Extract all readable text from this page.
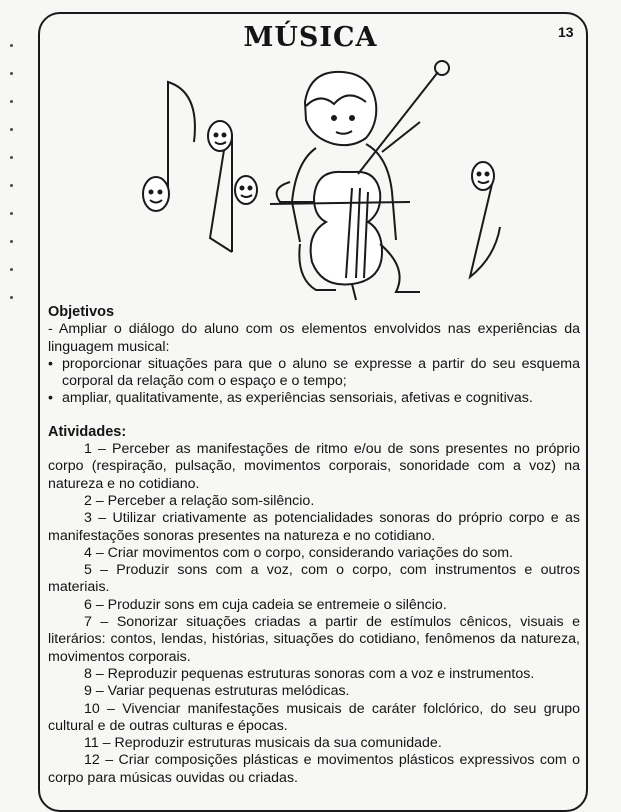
MÚSICA	13

Objetivos

- Ampliar o diálogo do aluno com os elementos envolvidos nas experiências da linguagem musical:

• proporcionar situações para que o aluno se expresse a partir do seu esquema corporal da relação com o espaço e o tempo;
• ampliar, qualitativamente, as experiências sensoriais, afetivas e cognitivas.

Atividades:

1 – Perceber as manifestações de ritmo e/ou de sons presentes no próprio corpo (respiração, pulsação, movimentos corporais, sonoridade com a voz) na natureza e no cotidiano.
2 – Perceber a relação som-silêncio.
3 – Utilizar criativamente as potencialidades sonoras do próprio corpo e as manifestações sonoras presentes na natureza e no cotidiano.
4 – Criar movimentos com o corpo, considerando variações do som.
5 – Produzir sons com a voz, com o corpo, com instrumentos e outros materiais.
6 – Produzir sons em cuja cadeia se entremeie o silêncio.
7 – Sonorizar situações criadas a partir de estímulos cênicos, visuais e literários: contos, lendas, histórias, situações do cotidiano, fenômenos da natureza, movimentos corporais.
8 – Reproduzir pequenas estruturas sonoras com a voz e instrumentos.
9 – Variar pequenas estruturas melódicas.
10 – Vivenciar manifestações musicais de caráter folclórico, do seu grupo cultural e de outras culturas e épocas.
11 – Reproduzir estruturas musicais da sua comunidade.
12 – Criar composições plásticas e movimentos plásticos expressivos com o corpo para músicas ouvidas ou criadas.
